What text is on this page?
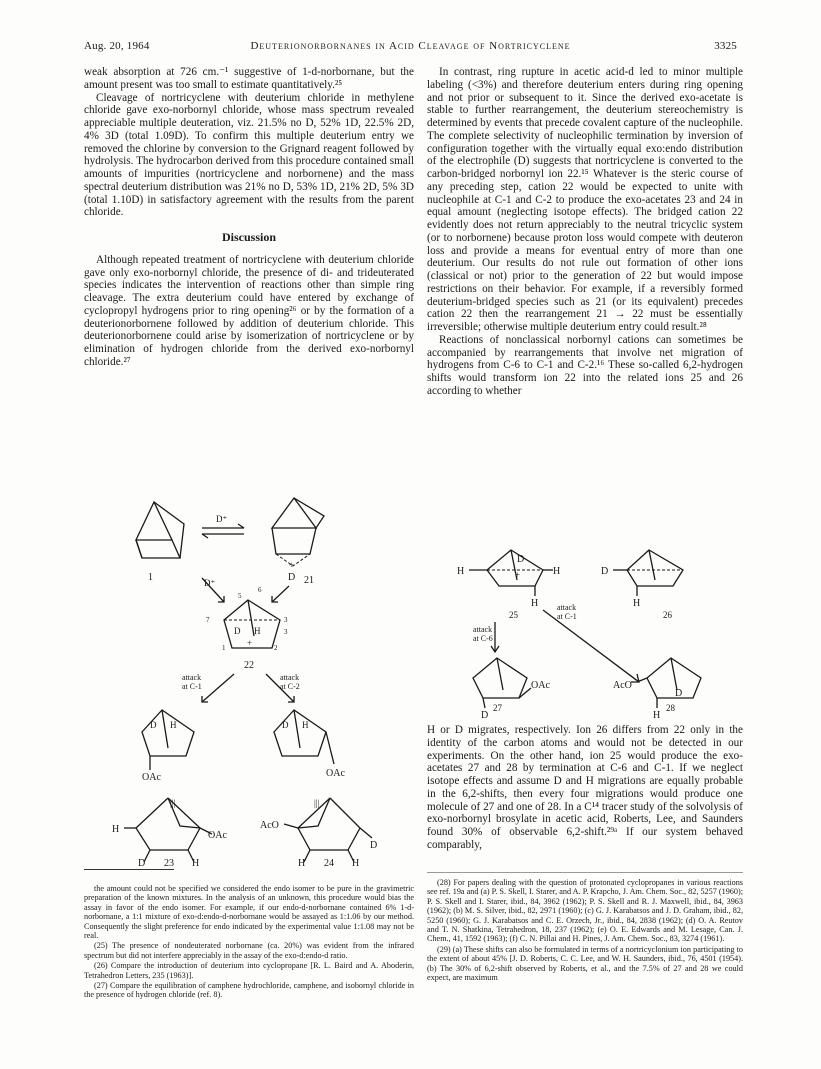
Aug. 20, 1964	Deuterionorbornanes in Acid Cleavage of Nortricyclene	3325

weak absorption at 726 cm.⁻¹ suggestive of 1-d-norbornane, but the amount present was too small to estimate quantitatively.²⁵

Cleavage of nortricyclene with deuterium chloride in methylene chloride gave exo-norbornyl chloride, whose mass spectrum revealed appreciable multiple deuteration, viz. 21.5% no D, 52% 1D, 22.5% 2D, 4% 3D (total 1.09D). To confirm this multiple deuterium entry we removed the chlorine by conversion to the Grignard reagent followed by hydrolysis. The hydrocarbon derived from this procedure contained small amounts of impurities (nortricyclene and norbornene) and the mass spectral deuterium distribution was 21% no D, 53% 1D, 21% 2D, 5% 3D (total 1.10D) in satisfactory agreement with the results from the parent chloride.

Discussion

Although repeated treatment of nortricyclene with deuterium chloride gave only exo-norbornyl chloride, the presence of di- and trideuterated species indicates the intervention of reactions other than simple ring cleavage. The extra deuterium could have entered by exchange of cyclopropyl hydrogens prior to ring opening²⁶ or by the formation of a deuterionorbornene followed by addition of deuterium chloride. This deuterionorbornene could arise by isomerization of nortricyclene or by elimination of hydrogen chloride from the derived exo-norbornyl chloride.²⁷

1
D⁺
+
D 21
D⁺
D H
+
7	3
5
1	2
3
6
22
attack
at C-1
attack
at C-2
D H
OAc
|||
D H
OAc
|||
H
D 23 H
OAc
AcO
H 24 H
D

In contrast, ring rupture in acetic acid-d led to minor multiple labeling (<3%) and therefore deuterium enters during ring opening and not prior or subsequent to it. Since the derived exo-acetate is stable to further rearrangement, the deuterium stereochemistry is determined by events that precede covalent capture of the nucleophile. The complete selectivity of nucleophilic termination by inversion of configuration together with the virtually equal exo:endo distribution of the electrophile (D) suggests that nortricyclene is converted to the carbon-bridged norbornyl ion 22.¹⁵ Whatever is the steric course of any preceding step, cation 22 would be expected to unite with nucleophile at C-1 and C-2 to produce the exo-acetates 23 and 24 in equal amount (neglecting isotope effects). The bridged cation 22 evidently does not return appreciably to the neutral tricyclic system (or to norbornene) because proton loss would compete with deuteron loss and provide a means for eventual entry of more than one deuterium. Our results do not rule out formation of other ions (classical or not) prior to the generation of 22 but would impose restrictions on their behavior. For example, if a reversibly formed deuterium-bridged species such as 21 (or its equivalent) precedes cation 22 then the rearrangement 21 → 22 must be essentially irreversible; otherwise multiple deuterium entry could result.²⁸

Reactions of nonclassical norbornyl cations can sometimes be accompanied by rearrangements that involve net migration of hydrogens from C-6 to C-1 and C-2.¹⁶ These so-called 6,2-hydrogen shifts would transform ion 22 into the related ions 25 and 26 according to whether

H
D
+	H
H
25
D
H
26
attack
at C-6
attack
at C-1
OAc
D
AcO
D
H
27	28

H or D migrates, respectively. Ion 26 differs from 22 only in the identity of the carbon atoms and would not be detected in our experiments. On the other hand, ion 25 would produce the exo-acetates 27 and 28 by termination at C-6 and C-1. If we neglect isotope effects and assume D and H migrations are equally probable in the 6,2-shifts, then every four migrations would produce one molecule of 27 and one of 28. In a C¹⁴ tracer study of the solvolysis of exo-norbornyl brosylate in acetic acid, Roberts, Lee, and Saunders found 30% of observable 6,2-shift.²⁹ᵃ If our system behaved comparably,

the amount could not be specified we considered the endo isomer to be pure in the gravimetric preparation of the known mixtures. In the analysis of an unknown, this procedure would bias the assay in favor of the endo isomer. For example, if our endo-d-norbornane contained 6% 1-d-norbornane, a 1:1 mixture of exo-d:endo-d-norbornane would be assayed as 1:1.06 by our method. Consequently the slight preference for endo indicated by the experimental value 1:1.08 may not be real.

(25) The presence of nondeuterated norbornane (ca. 20%) was evident from the infrared spectrum but did not interfere appreciably in the assay of the exo-d:endo-d ratio.

(26) Compare the introduction of deuterium into cyclopropane [R. L. Baird and A. Aboderin, Tetrahedron Letters, 235 (1963)].

(27) Compare the equilibration of camphene hydrochloride, camphene, and isobornyl chloride in the presence of hydrogen chloride (ref. 8).

(28) For papers dealing with the question of protonated cyclopropanes in various reactions see ref. 19a and (a) P. S. Skell, I. Starer, and A. P. Krapcho, J. Am. Chem. Soc., 82, 5257 (1960); P. S. Skell and I. Starer, ibid., 84, 3962 (1962); P. S. Skell and R. J. Maxwell, ibid., 84, 3963 (1962); (b) M. S. Silver, ibid., 82, 2971 (1960); (c) G. J. Karabatsos and J. D. Graham, ibid., 82, 5250 (1960); G. J. Karabatsos and C. E. Orzech, Jr., ibid., 84, 2838 (1962); (d) O. A. Reutov and T. N. Shatkina, Tetrahedron, 18, 237 (1962); (e) O. E. Edwards and M. Lesage, Can. J. Chem., 41, 1592 (1963); (f) C. N. Pillai and H. Pines, J. Am. Chem. Soc., 83, 3274 (1961).

(29) (a) These shifts can also be formulated in terms of a nortricyclonium ion participating to the extent of about 45% [J. D. Roberts, C. C. Lee, and W. H. Saunders, ibid., 76, 4501 (1954). (b) The 30% of 6,2-shift observed by Roberts, et al., and the 7.5% of 27 and 28 we could expect, are maximum
